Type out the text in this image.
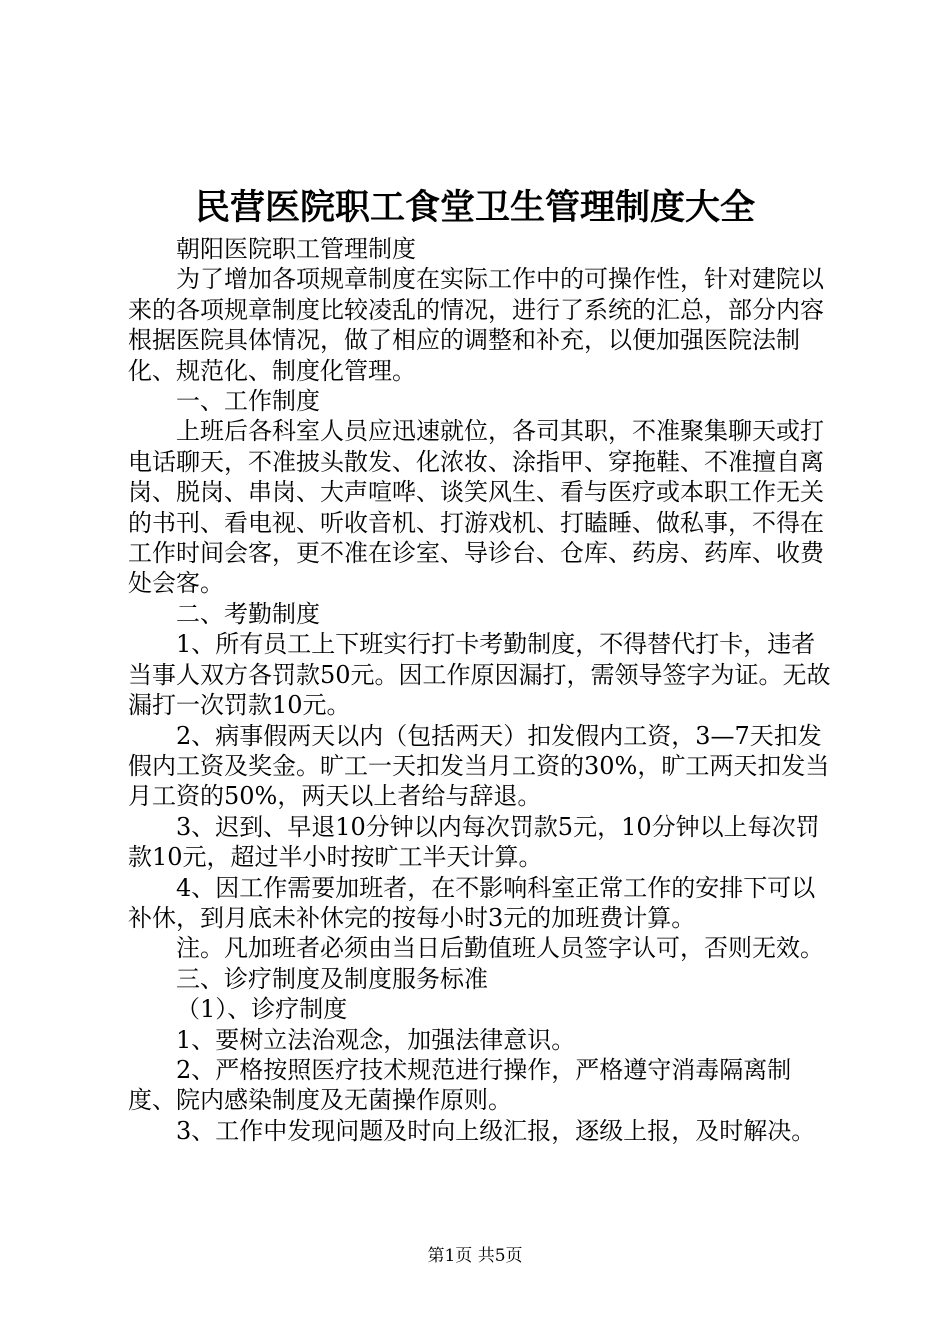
民营医院职工食堂卫生管理制度大全

朝阳医院职工管理制度

为了增加各项规章制度在实际工作中的可操作性，针对建院以来的各项规章制度比较凌乱的情况，进行了系统的汇总，部分内容根据医院具体情况，做了相应的调整和补充，以便加强医院法制化、规范化、制度化管理。

一、工作制度

上班后各科室人员应迅速就位，各司其职，不准聚集聊天或打电话聊天，不准披头散发、化浓妆、涂指甲、穿拖鞋、不准擅自离岗、脱岗、串岗、大声喧哗、谈笑风生、看与医疗或本职工作无关的书刊、看电视、听收音机、打游戏机、打瞌睡、做私事，不得在工作时间会客，更不准在诊室、导诊台、仓库、药房、药库、收费处会客。

二、考勤制度

1、所有员工上下班实行打卡考勤制度，不得替代打卡，违者当事人双方各罚款50元。因工作原因漏打，需领导签字为证。无故漏打一次罚款10元。

2、病事假两天以内（包括两天）扣发假内工资，3—7天扣发假内工资及奖金。旷工一天扣发当月工资的30%，旷工两天扣发当月工资的50%，两天以上者给与辞退。

3、迟到、早退10分钟以内每次罚款5元，10分钟以上每次罚款10元，超过半小时按旷工半天计算。

4、因工作需要加班者，在不影响科室正常工作的安排下可以补休，到月底未补休完的按每小时3元的加班费计算。

注。凡加班者必须由当日后勤值班人员签字认可，否则无效。

三、诊疗制度及制度服务标准

（1）、诊疗制度

1、要树立法治观念，加强法律意识。

2、严格按照医疗技术规范进行操作，严格遵守消毒隔离制度、院内感染制度及无菌操作原则。

3、工作中发现问题及时向上级汇报，逐级上报，及时解决。

第1页 共5页
